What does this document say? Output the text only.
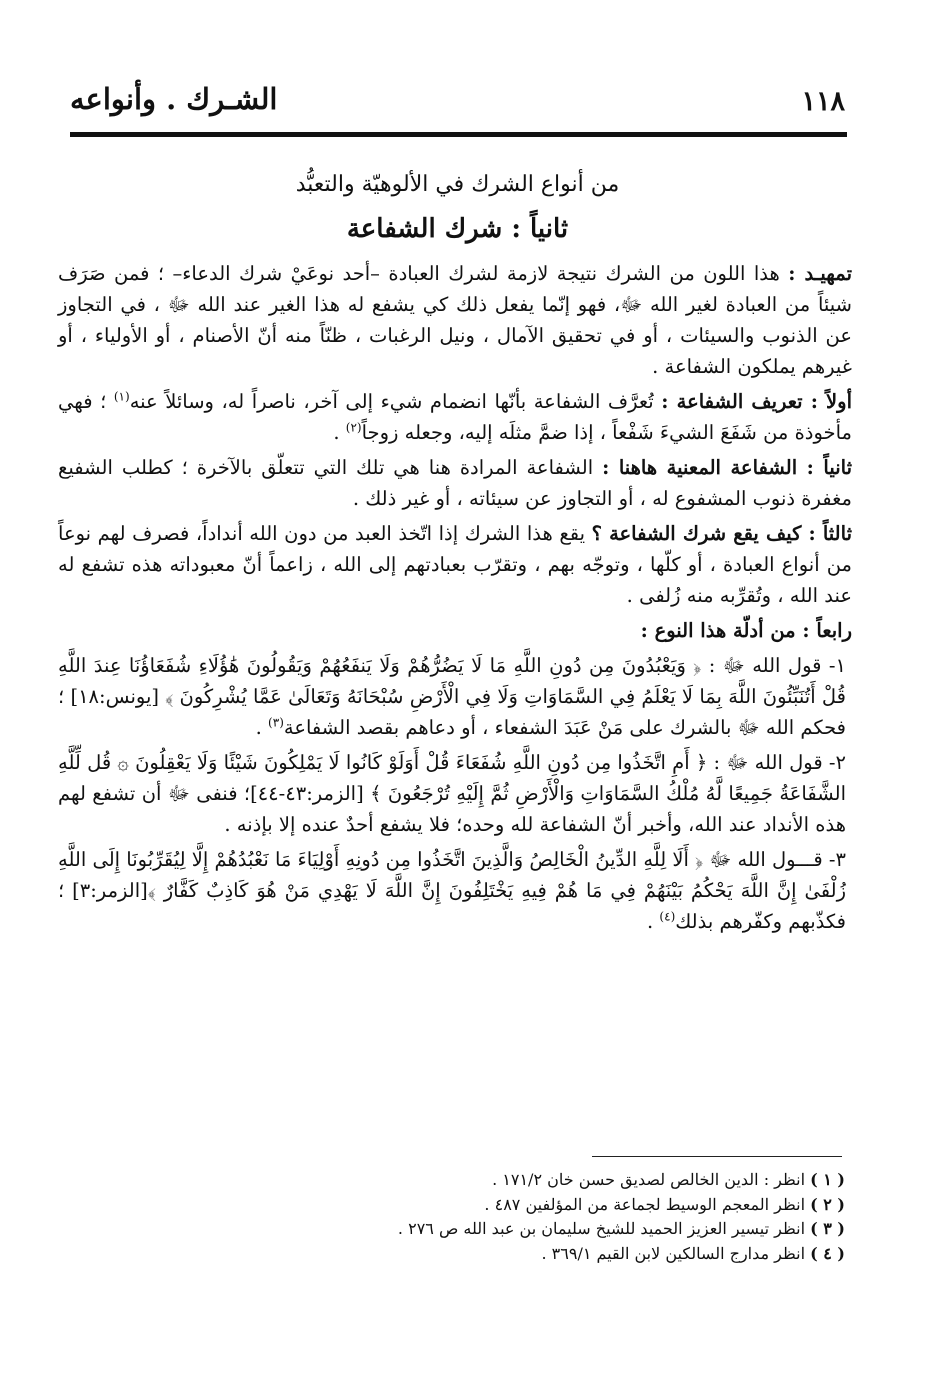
١١٨
الشـرك . وأنواعه
من أنواع الشرك في الألوهيّة والتعبُّد
ثانياً : شرك الشفاعة

تمهيـد : هذا اللون من الشرك نتيجة لازمة لشرك العبادة –أحد نوعَيْ شرك الدعاء– ؛ فمن صَرَف شيئاً من العبادة لغير الله ﷻ، فهو إنّما يفعل ذلك كي يشفع له هذا الغير عند الله ﷻ ، في التجاوز عن الذنوب والسيئات ، أو في تحقيق الآمال ، ونيل الرغبات ، ظنّاً منه أنّ الأصنام ، أو الأولياء ، أو غيرهم يملكون الشفاعة .

أولاً : تعريف الشفاعة : تُعرَّف الشفاعة بأنّها انضمام شيء إلى آخر، ناصراً له، وسائلاً عنه$^{(١)}$ ؛ فهي مأخوذة من شَفَعَ الشيءَ شَفْعاً ، إذا ضمَّ مثلَه إليه، وجعله زوجاً$^{(٢)}$ .

ثانياً : الشفاعة المعنية هاهنا : الشفاعة المرادة هنا هي تلك التي تتعلّق بالآخرة ؛ كطلب الشفيع مغفرة ذنوب المشفوع له ، أو التجاوز عن سيئاته ، أو غير ذلك .

ثالثاً : كيف يقع شرك الشفاعة ؟ يقع هذا الشرك إذا اتّخذ العبد من دون الله أنداداً، فصرف لهم نوعاً من أنواع العبادة ، أو كلّها ، وتوجّه بهم ، وتقرّب بعبادتهم إلى الله ، زاعماً أنّ معبوداته هذه تشفع له عند الله ، وتُقرِّبه منه زُلفى .

رابعاً : من أدلّة هذا النوع :

١- قول الله ﷻ : ﴿ وَيَعْبُدُونَ مِن دُونِ اللَّهِ مَا لَا يَضُرُّهُمْ وَلَا يَنفَعُهُمْ وَيَقُولُونَ هَٰؤُلَاءِ شُفَعَاؤُنَا عِندَ اللَّهِ قُلْ أَتُنَبِّئُونَ اللَّهَ بِمَا لَا يَعْلَمُ فِي السَّمَاوَاتِ وَلَا فِي الْأَرْضِ سُبْحَانَهُ وَتَعَالَىٰ عَمَّا يُشْرِكُونَ ﴾ [يونس:١٨] ؛ فحكم الله ﷻ بالشرك على مَنْ عَبَدَ الشفعاء ، أو دعاهم بقصد الشفاعة$^{(٣)}$ .

٢- قول الله ﷻ : ﴿ أَمِ اتَّخَذُوا مِن دُونِ اللَّهِ شُفَعَاءَ قُلْ أَوَلَوْ كَانُوا لَا يَمْلِكُونَ شَيْئًا وَلَا يَعْقِلُونَ ۞ قُل لِّلَّهِ الشَّفَاعَةُ جَمِيعًا لَّهُ مُلْكُ السَّمَاوَاتِ وَالْأَرْضِ ثُمَّ إِلَيْهِ تُرْجَعُونَ ﴾ [الزمر:٤٣-٤٤]؛ فنفى ﷻ أن تشفع لهم هذه الأنداد عند الله، وأخبر أنّ الشفاعة لله وحده؛ فلا يشفع أحدٌ عنده إلا بإذنه .

٣- قـــول الله ﷻ ﴿ أَلَا لِلَّهِ الدِّينُ الْخَالِصُ وَالَّذِينَ اتَّخَذُوا مِن دُونِهِ أَوْلِيَاءَ مَا نَعْبُدُهُمْ إِلَّا لِيُقَرِّبُونَا إِلَى اللَّهِ زُلْفَىٰ إِنَّ اللَّهَ يَحْكُمُ بَيْنَهُمْ فِي مَا هُمْ فِيهِ يَخْتَلِفُونَ إِنَّ اللَّهَ لَا يَهْدِي مَنْ هُوَ كَاذِبٌ كَفَّارٌ ﴾[الزمر:٣] ؛ فكذّبهم وكفّرهم بذلك$^{(٤)}$ .

( ١ ) انظر : الدين الخالص لصديق حسن خان ١٧١/٢ .
( ٢ ) انظر المعجم الوسيط لجماعة من المؤلفين ٤٨٧ .
( ٣ ) انظر تيسير العزيز الحميد للشيخ سليمان بن عبد الله ص ٢٧٦ .
( ٤ ) انظر مدارج السالكين لابن القيم ٣٦٩/١ .
